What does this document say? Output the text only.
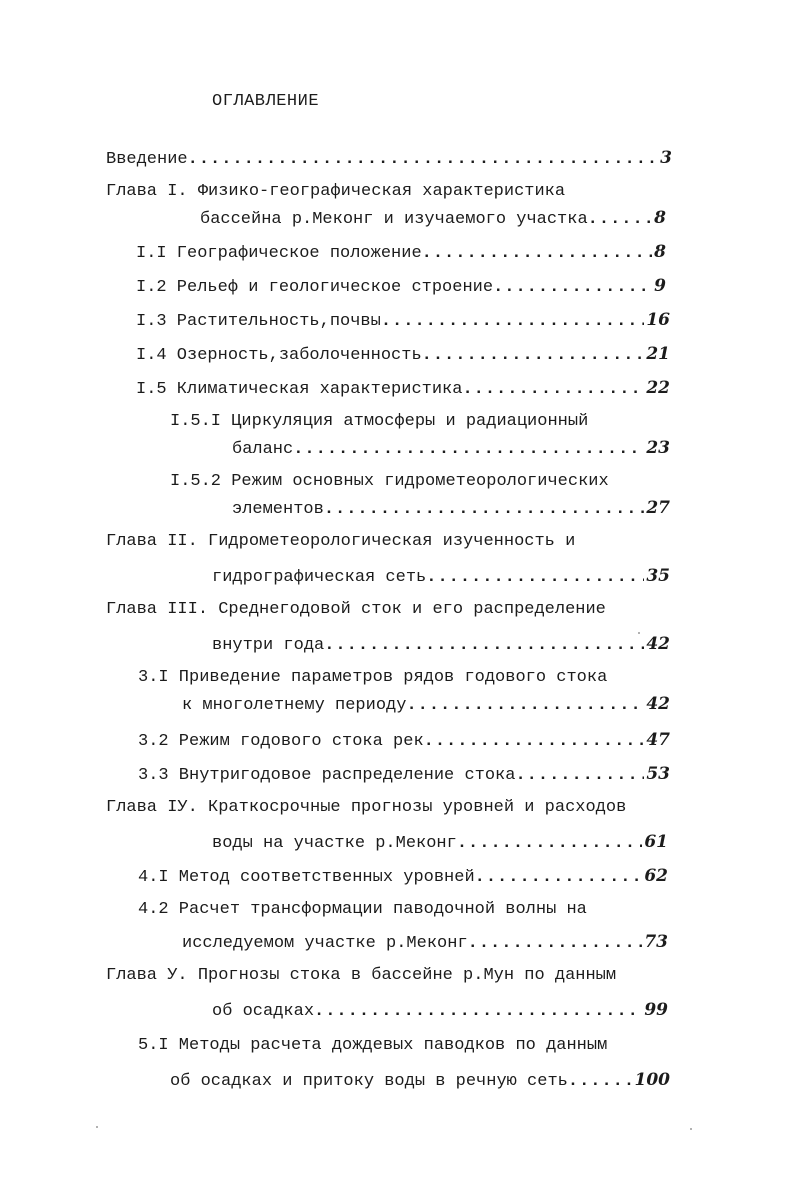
ОГЛАВЛЕНИЕ
Введение .....	3
Глава I. Физико-географическая характеристика
бассейна р.Меконг и изучаемого участка .....	8
I.I Географическое положение .....	8
I.2 Рельеф и геологическое строение .....	9
I.3 Растительность,почвы .....	16
I.4 Озерность,заболоченность .....	21
I.5 Климатическая характеристика .....	22
I.5.I Циркуляция атмосферы и радиационный
баланс .....	23
I.5.2 Режим основных гидрометеорологических
элементов .....	27
Глава II. Гидрометеорологическая изученность и
гидрографическая сеть .....	35
Глава III. Среднегодовой сток и его распределение
внутри года .....	42
3.I Приведение параметров рядов годового стока
к многолетнему периоду .....	42
3.2 Режим годового стока рек .....	47
3.3 Внутригодовое распределение стока .....	53
Глава IУ. Краткосрочные прогнозы уровней и расходов
воды на участке р.Меконг .....	61
4.I Метод соответственных уровней .....	62
4.2 Расчет трансформации паводочной волны на
исследуемом участке р.Меконг .....	73
Глава У. Прогнозы стока в бассейне р.Мун по данным
об осадках .....	99
5.I Методы расчета дождевых паводков по данным
об осадках и притоку воды в речную сеть .....	100
